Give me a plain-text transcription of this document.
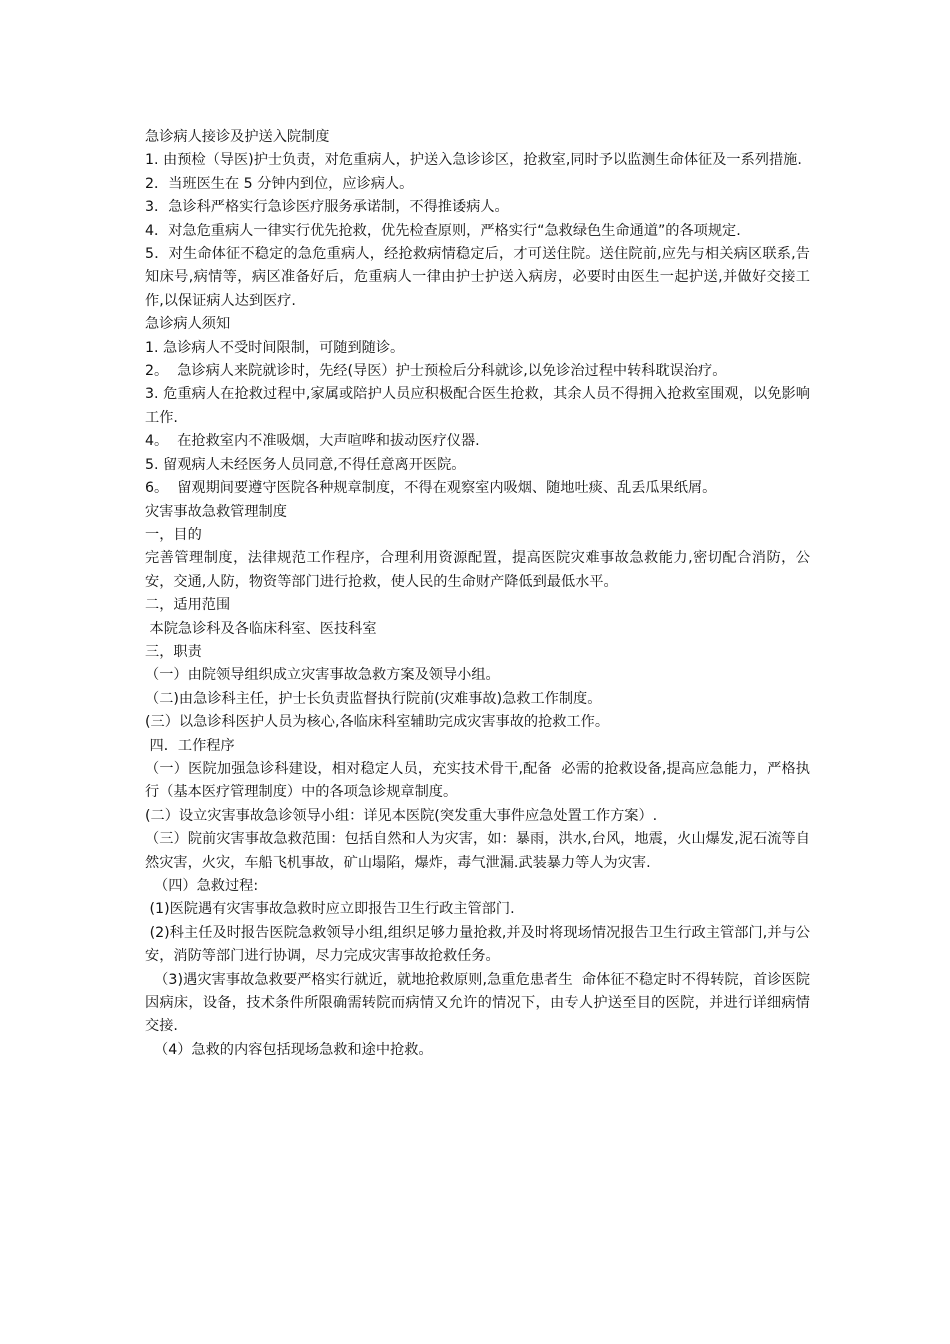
急诊病人接诊及护送入院制度

1. 由预检（导医)护士负责，对危重病人，护送入急诊诊区，抢救室,同时予以监测生命体征及一系列措施.

2．当班医生在 5 分钟内到位，应诊病人。

3．急诊科严格实行急诊医疗服务承诺制，不得推诿病人。

4．对急危重病人一律实行优先抢救，优先检查原则，严格实行“急救绿色生命通道”的各项规定.

5．对生命体征不稳定的急危重病人，经抢救病情稳定后，才可送住院。送住院前,应先与相关病区联系,告知床号,病情等，病区准备好后，危重病人一律由护士护送入病房，必要时由医生一起护送,并做好交接工作,以保证病人达到医疗.

急诊病人须知

1. 急诊病人不受时间限制，可随到随诊。

2。  急诊病人来院就诊时，先经(导医）护士预检后分科就诊,以免诊治过程中转科耽误治疗。

3. 危重病人在抢救过程中,家属或陪护人员应积极配合医生抢救，其余人员不得拥入抢救室围观，以免影响工作.

4。  在抢救室内不准吸烟，大声喧哗和拔动医疗仪器.

5. 留观病人未经医务人员同意,不得任意离开医院。

6。  留观期间要遵守医院各种规章制度，不得在观察室内吸烟、随地吐痰、乱丢瓜果纸屑。

灾害事故急救管理制度

一，目的

完善管理制度，法律规范工作程序，合理利用资源配置，提高医院灾难事故急救能力,密切配合消防，公安，交通,人防，物资等部门进行抢救，使人民的生命财产降低到最低水平。

二，适用范围

本院急诊科及各临床科室、医技科室

三，职责

（一）由院领导组织成立灾害事故急救方案及领导小组。

（二)由急诊科主任，护士长负责监督执行院前(灾难事故)急救工作制度。

(三）以急诊科医护人员为核心,各临床科室辅助完成灾害事故的抢救工作。

四．工作程序

（一）医院加强急诊科建设，相对稳定人员，充实技术骨干,配备  必需的抢救设备,提高应急能力，严格执行（基本医疗管理制度）中的各项急诊规章制度。

(二）设立灾害事故急诊领导小组：详见本医院(突发重大事件应急处置工作方案）.

（三）院前灾害事故急救范围：包括自然和人为灾害，如：暴雨，洪水,台风，地震，火山爆发,泥石流等自然灾害，火灾，车船飞机事故，矿山塌陷，爆炸，毒气泄漏.武装暴力等人为灾害.

（四）急救过程:

(1)医院遇有灾害事故急救时应立即报告卫生行政主管部门.

(2)科主任及时报告医院急救领导小组,组织足够力量抢救,并及时将现场情况报告卫生行政主管部门,并与公安，消防等部门进行协调，尽力完成灾害事故抢救任务。

（3)遇灾害事故急救要严格实行就近，就地抢救原则,急重危患者生  命体征不稳定时不得转院，首诊医院因病床，设备，技术条件所限确需转院而病情又允许的情况下，由专人护送至目的医院，并进行详细病情交接.

（4）急救的内容包括现场急救和途中抢救。
